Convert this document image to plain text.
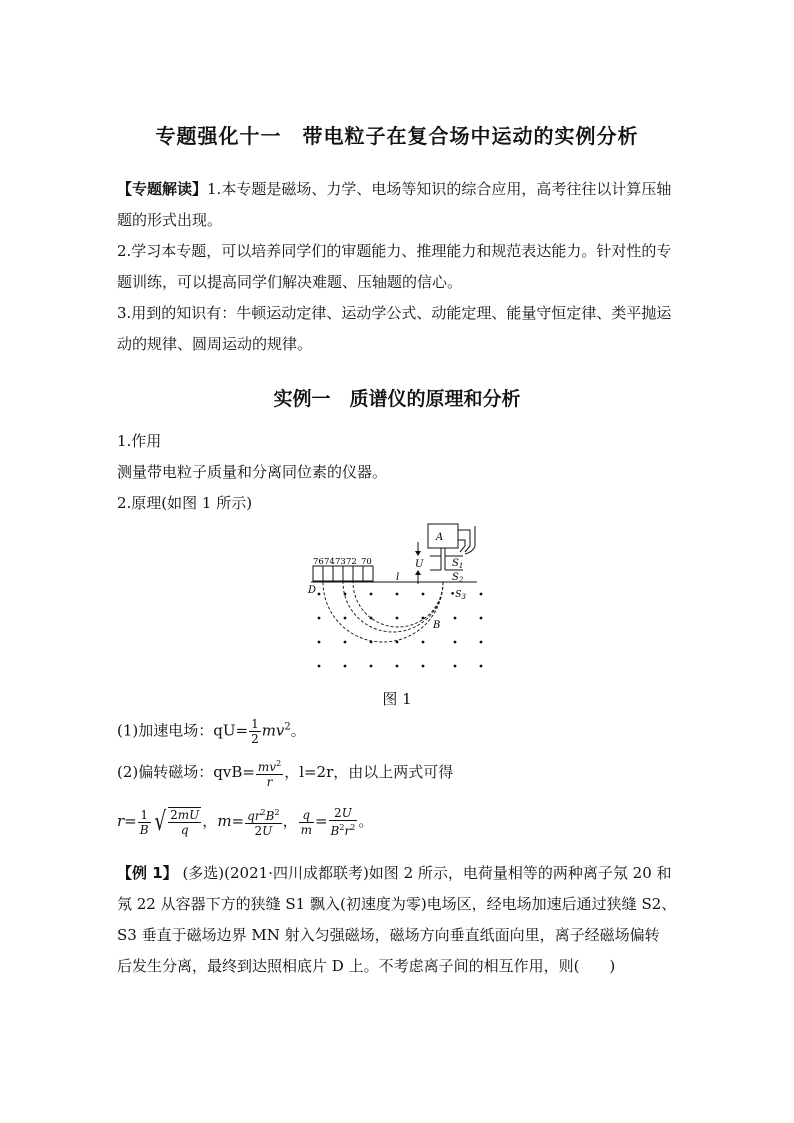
专题强化十一　带电粒子在复合场中运动的实例分析

【专题解读】1.本专题是磁场、力学、电场等知识的综合应用，高考往往以计算压轴题的形式出现。

2.学习本专题，可以培养同学们的审题能力、推理能力和规范表达能力。针对性的专题训练，可以提高同学们解决难题、压轴题的信心。

3.用到的知识有：牛顿运动定律、运动学公式、动能定理、能量守恒定律、类平抛运动的规律、圆周运动的规律。

实例一　质谱仪的原理和分析
1.作用
测量带电粒子质量和分离同位素的仪器。
2.原理(如图 1 所示)
A
$S_1$
$S_2$
U
76 74 73 72 70
l
D	$•S_3$
B
图 1
(1)加速电场：$qU= \frac{1}{2} mv^2$。
(2)偏转磁场：$qvB= \frac{mv^2}{r}$ ，l=2r，由以上两式可得
$r= \frac{1}{B}$ √ $\frac{2mU}{q}$ ，$m= \frac{qr^2B^2}{2U}$ ， $\frac{q}{m} = \frac{2U}{B^2r^2}$ 。
【例 1】 (多选)(2021·四川成都联考)如图 2 所示，电荷量相等的两种离子氖 20 和
氖 22 从容器下方的狭缝 S1 飘入(初速度为零)电场区，经电场加速后通过狭缝 S2、
S3 垂直于磁场边界 MN 射入匀强磁场，磁场方向垂直纸面向里，离子经磁场偏转
后发生分离，最终到达照相底片 D 上。不考虑离子间的相互作用，则(　　)
